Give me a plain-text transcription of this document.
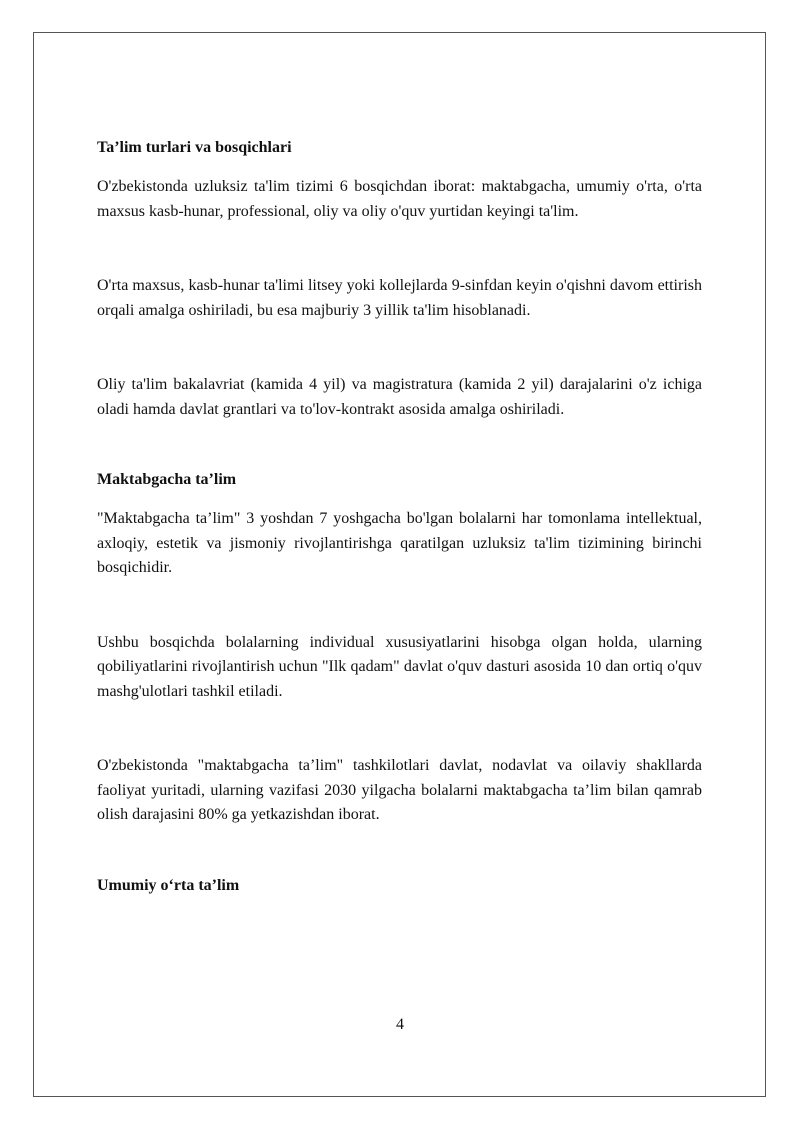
Ta’lim turlari va bosqichlari

O'zbekistonda uzluksiz ta'lim tizimi 6 bosqichdan iborat: maktabgacha, umumiy o'rta, o'rta maxsus kasb-hunar, professional, oliy va oliy o'quv yurtidan keyingi ta'lim.

O'rta maxsus, kasb-hunar ta'limi litsey yoki kollejlarda 9-sinfdan keyin o'qishni davom ettirish orqali amalga oshiriladi, bu esa majburiy 3 yillik ta'lim hisoblanadi.

Oliy ta'lim bakalavriat (kamida 4 yil) va magistratura (kamida 2 yil) darajalarini o'z ichiga oladi hamda davlat grantlari va to'lov-kontrakt asosida amalga oshiriladi.

Maktabgacha ta’lim

"Maktabgacha ta’lim" 3 yoshdan 7 yoshgacha bo'lgan bolalarni har tomonlama intellektual, axloqiy, estetik va jismoniy rivojlantirishga qaratilgan uzluksiz ta'lim tizimining birinchi bosqichidir.

Ushbu bosqichda bolalarning individual xususiyatlarini hisobga olgan holda, ularning qobiliyatlarini rivojlantirish uchun "Ilk qadam" davlat o'quv dasturi asosida 10 dan ortiq o'quv mashg'ulotlari tashkil etiladi.

O'zbekistonda "maktabgacha ta’lim" tashkilotlari davlat, nodavlat va oilaviy shakllarda faoliyat yuritadi, ularning vazifasi 2030 yilgacha bolalarni maktabgacha ta’lim bilan qamrab olish darajasini 80% ga yetkazishdan iborat.

Umumiy o‘rta ta’lim
4
